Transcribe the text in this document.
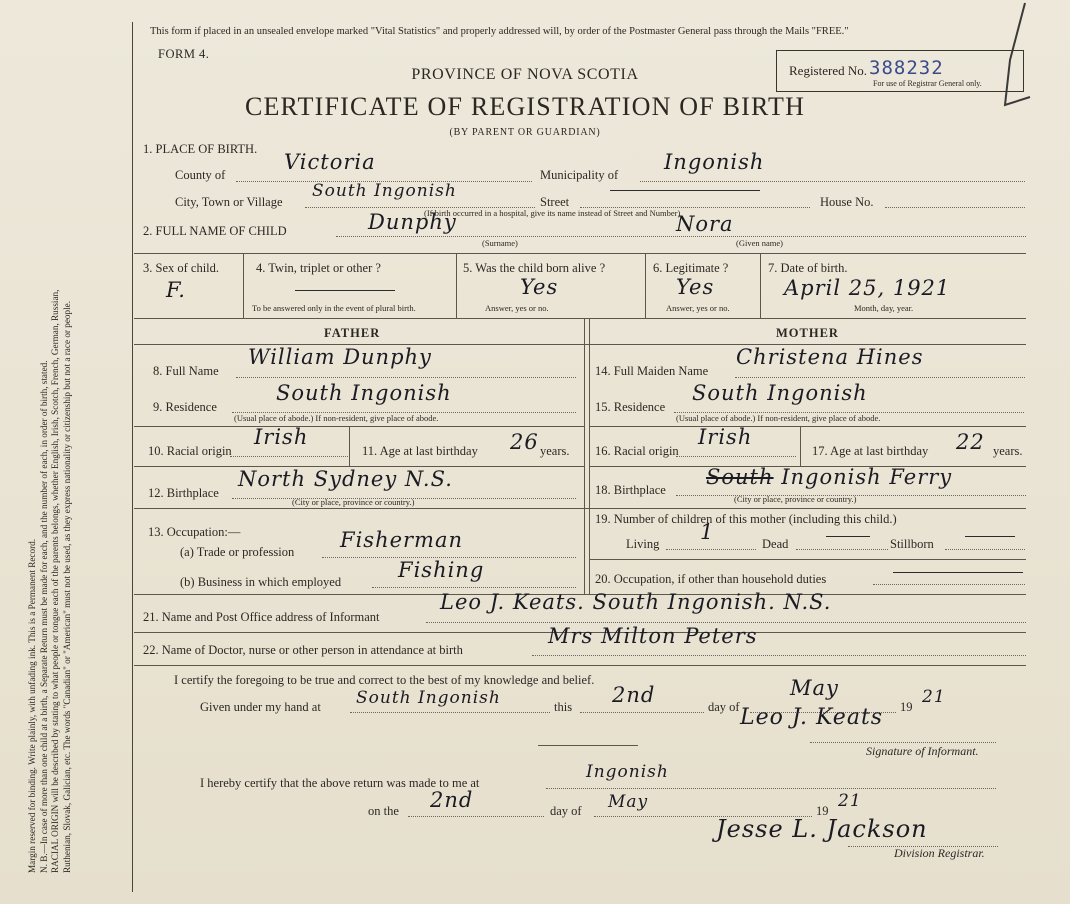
Margin reserved for binding. Write plainly, with unfading ink. This is a Permanent Record. N. B.—In case of more than one child at a birth, a Separate Return must be made for each, and the number of each, in order of birth, stated. RACIAL ORIGIN will be described by stating to what people or tongue each of the parents belongs, whether English, Irish, Scotch, French, German, Russian, Ruthenian, Slovak, Galician, etc. The words "Canadian" or "American" must not be used, as they express nationality or citizenship but not a race or people.
This form if placed in an unsealed envelope marked "Vital Statistics" and properly addressed will, by order of the Postmaster General pass through the Mails "FREE."
FORM 4.
Registered No. 388232
For use of Registrar General only.
PROVINCE OF NOVA SCOTIA
CERTIFICATE OF REGISTRATION OF BIRTH
(BY PARENT OR GUARDIAN)
1. PLACE OF BIRTH.
County of
Victoria
Municipality of
Ingonish
City, Town or Village
South Ingonish
Street	House No.
(If birth occurred in a hospital, give its name instead of Street and Number)
2. FULL NAME OF CHILD	Dunphy	Nora
(Surname)	(Given name)
3. Sex of child.
F.
4. Twin, triplet or other ?
To be answered only in the event of plural birth.
5. Was the child born alive ?
Yes
Answer, yes or no.
6. Legitimate ?
Yes
Answer, yes or no.
7. Date of birth.
April 25, 1921
Month, day, year.
FATHER	MOTHER
8. Full Name
William Dunphy
9. Residence
South Ingonish
(Usual place of abode.) If non-resident, give place of abode.
10. Racial origin
Irish
11. Age at last birthday 26 years.
12. Birthplace
North Sydney N.S.
(City or place, province or country.)
14. Full Maiden Name
Christena Hines
15. Residence
South Ingonish
(Usual place of abode.) If non-resident, give place of abode.
16. Racial origin
Irish
17. Age at last birthday 22 years.
18. Birthplace
South Ingonish Ferry
(City or place, province or country.)
13. Occupation:—
(a) Trade or profession Fisherman
(b) Business in which employed	Fishing
19. Number of children of this mother (including this child.)
Living 1	Dead	Stillborn
20. Occupation, if other than household duties
21. Name and Post Office address of Informant
Leo J. Keats. South Ingonish. N.S.
22. Name of Doctor, nurse or other person in attendance at birth
Mrs Milton Peters
I certify the foregoing to be true and correct to the best of my knowledge and belief.
Given under my hand at South Ingonish	this 2nd	day of
May
19 21
Leo J. Keats
Signature of Informant.
I hereby certify that the above return was made to me at
Ingonish
on the 2nd	day of May	19 21
Jesse L. Jackson
Division Registrar.
